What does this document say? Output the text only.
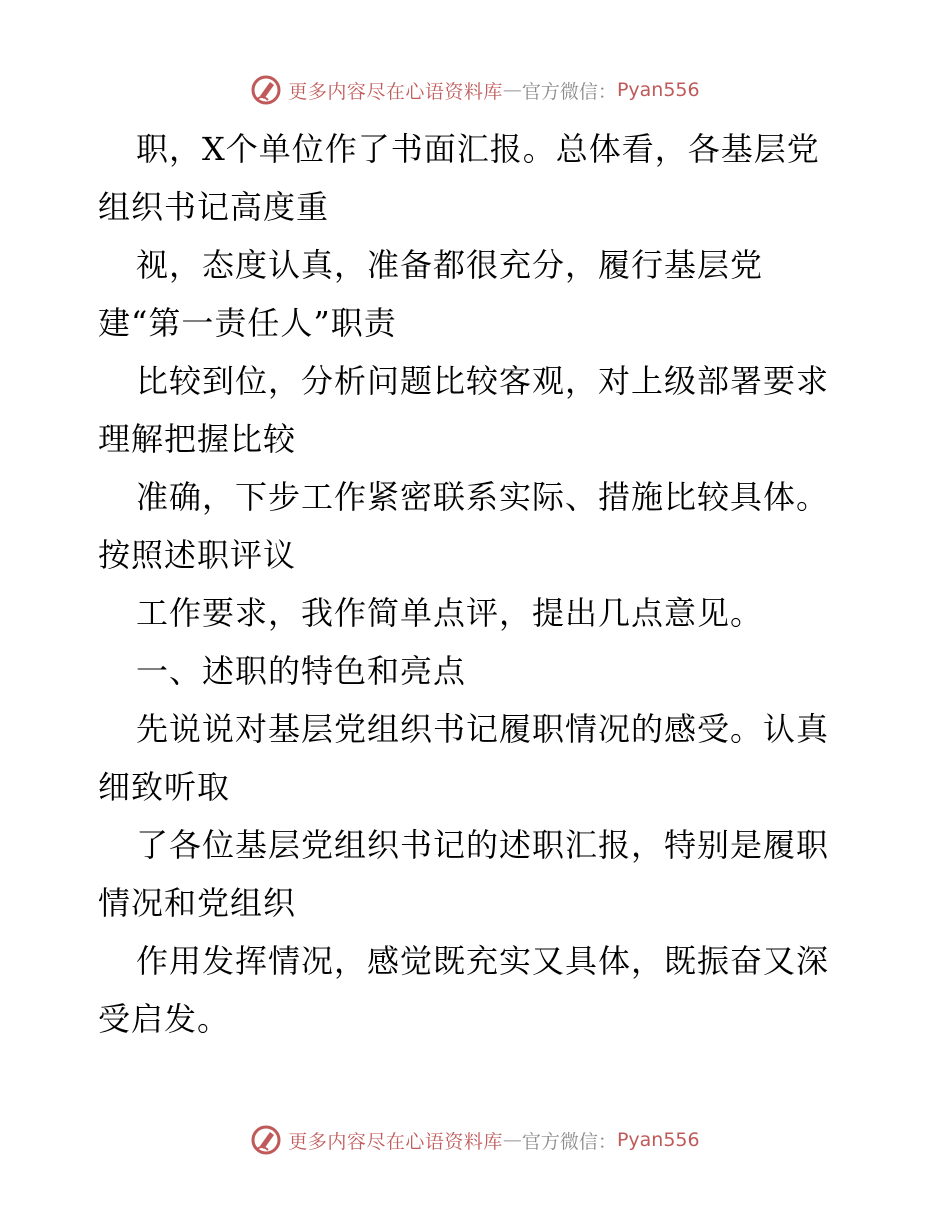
更多内容尽在心语资料库 — 官方微信： Pyan556
职，X个单位作了书面汇报。总体看，各基层党
组织书记高度重
视，态度认真，准备都很充分，履行基层党
建“第一责任人”职责
比较到位，分析问题比较客观，对上级部署要求
理解把握比较
准确，下步工作紧密联系实际、措施比较具体。
按照述职评议
工作要求，我作简单点评，提出几点意见。
一、述职的特色和亮点
先说说对基层党组织书记履职情况的感受。认真
细致听取
了各位基层党组织书记的述职汇报，特别是履职
情况和党组织
作用发挥情况，感觉既充实又具体，既振奋又深
受启发。
更多内容尽在心语资料库 — 官方微信： Pyan556
